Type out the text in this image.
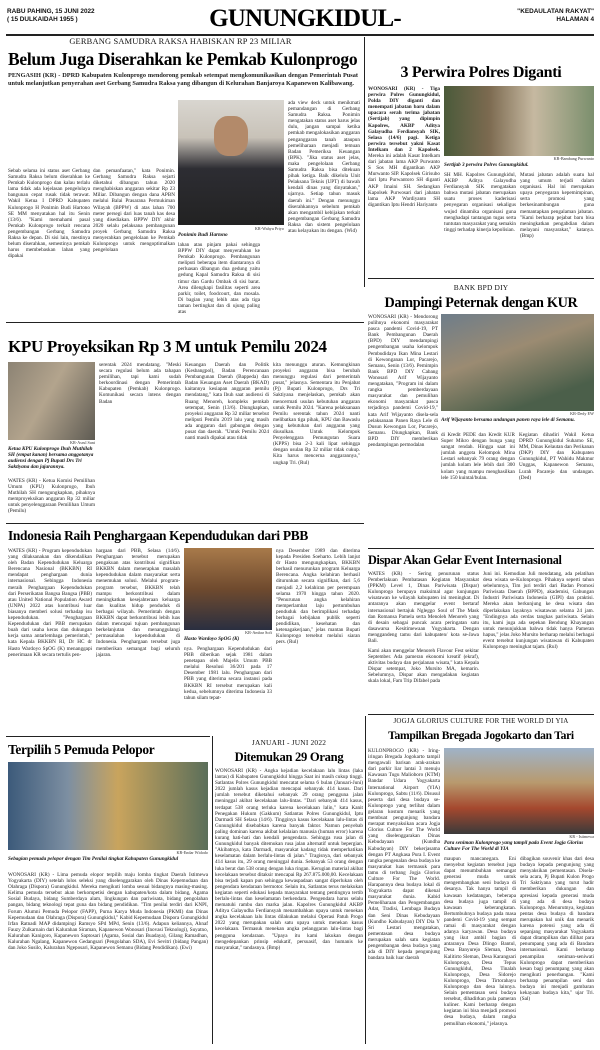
RABU PAHING, 15 JUNI 2022
( 15 DULKAIDAH 1955 )	GUNUNGKIDUL-	"KEDAULATAN RAKYAT"
HALAMAN 4
GERBANG SAMUDRA RAKSA HABISKAN RP 23 MILIAR
Belum Juga Diserahkan ke Pemkab Kulonprogo
PENGASIH (KR) - DPRD Kabupaten Kulonprogo mendorong pemkab setempat mengkomunikasikan dengan Pemerintah Pusat untuk melanjutkan penyerahan aset Gerbang Samudra Raksa yang dibangun di Kelurahan Banjaroya Kapanewon Kalibawang.
Sebab selama ini status aset Gerbang Samudra Raksa belum diserahkan ke Pemkab Kulonprogo dan kalau terlalu lama tidak ada kejelasan pengelolaya bangunan cepat rusak tidak terawat. Wakil Ketua I DPRD Kabupaten Kulonprogo H Ponimin Budi Hartono SE MM menyatakan hal itu Senin (13/6). "Kami memahami pasal Pemkab Kulonprogo terkait rencana pengembangan Gerbang Samudra Raksa ke depan. Di sisi lain, mestinya belum diserahkan, semestinya pemkab harus membebaskan lahan yang dipakai
dan pemanfaatan," kata Ponimin. Gerbang Samudra Raksa sejarti diketahui dibangun tahun 2020 menghabiskan anggaran sekitar Rp 23 Miliar. Dibangun dengan dana APBN melalui Balai Prasarana Permukiman Wilayah (BPPW) di atas lahan 700 meter persegi dari luas tanah kas desa yang disediakan. BPPW DIY akhir 2020 selalu pelaksana pembangunan proyek Gerbang Samudra Raksa menyerahkan pengelolaan ke Pemkab Kulonprogo untuk mengoptimalkan pengelolaan
KR-Wahyu Priyo
Ponimin Budi Hartono
lahan atau pinjam pakai sehingga BPPW DIY dapat menyerahkan ke Pemkab Kulonprogo. Pembangunan meliputi beberapa item diantaranya di perluasan dibangun dua gedung yaitu gedung Kapal Samudra Raksa di sisi timur dan Gardu Ombak di sisi barat. Area dilengkapi fasilitas seperti area parkir, toilet, foodcourt, dan mosala. Di bagian yang lebih atas ada tiga taman bertingkat dan di ujung paling atas
ada view deck untuk menikmati pemandangan di Gerbang Samudra Raksa. Ponimin mengatakan status aset harus jelas dulu, jangan sampai ketika pemkab mengalokasikan anggaran penganggaran tanah ataupun pemeliharaan menjadi temuan Badan Pemeriksa Keuangan (BPK). "Jika status aset jelas, maka pengelolaan Gerbang Samudra Raksa bisa ditekuan pihak ketiga. Baik dikelola Unit Pelaksana Teknis (UPT) di bawah kendali dinas yang dinyatakan," ujarnya. Setiap tahun masuk daerah ini." Dengan menunggu diserahkannya sebelum pemkab akan mengambil kebijakan terkait pengembangan Gerbang Samudra Raksa dan sistem pengelolaan atau kelayakan itu dengan. (Wid)
3 Perwira Polres Diganti
WONOSARI (KR) - Tiga perwira Polres Gunungkidul, Polda DIY diganti dan menempati jabatan baru dalam upacara serah terima jabatan (Sertijab) yang dipimpin Kapolres, AKBP Aditya Galayudha Ferdiansyah SIK, Selasa (14/6) pagi. Ketiga perwira tersebut yakni Kasat Intelkam dan 2 Kapolsek. Mereka ini adalah Kasat Intelkam dari jabatan lama AKP Purwanto S Sos MH digantikan AKP Murwanto SIP. Kapolsek Girisubo dari Iptu Purwantoro SH diganti AKP Imaini SH. Sedangkan Kapolsek Purwosari dari jabatan lama AKP Wardiyanto SH digantikan Iptu Hendri Hariyanto
KR-Bambang Purwanto
Sertijab 3 perwira Polres Gunungkidul.
SH MH. Kapolres Gunungkidul, AKBP Aditya Galayudha Ferdiansyah SIK mengatakan bahwa mutasi jabatan merupakan suatu proses kaderisasi penyegaran organisasi sekaligus wujud dinamika organisasi guna menghadapi tantangan tugas serta tuntutan masyarakat yang semakin tinggi terhadap kinerja kepolisian.
Mutasi jabatan adalah suatu hal yang umum terjadi dalam organisasi. Hal ini merupakan upaya penyegaran kepemimpinan, serta promosi yang berkesinambungan guna memantapkan pengalaman jabatan. "Kami berharap pejabat baru bisa meningkatkan pengabdian dalam melayani masyarakat," katanya. (Bmp)
BANK BPD DIY
Dampingi Peternak dengan KUR
WONOSARI (KR) - Mendorong pulihnya ekonomi masyarakat pasca pandemi Covid-19, PT Bank Pembangunan Daerah (BPD) DIY mendampingi pengembangan usaha kelompok Pembudidaya Ikan Mina Lestari di Kewonganan Lor, Pacarejo, Semanu, Senin (13/6). Pemimpin Bank BPD DIY Cabang Wonosari Arif Wijayanto mengatakan, "Program ini dalam rangka pemberdayaan masyarakat dan pemulihan ekonomi masyarakat pasca terjadinya pandemi Covid-19," kata Arif Wijayanto disela-sela pelaksanaan Panen Raya Lele di Dusun Kewongan Lor, Pacarejo, Semanu. Diungkapkan, Bank BPD DIY memberikan pendampingan permodalan
KR-Dedy EW
Arif Wijayanto bersama undangan panen raya lele di Semanu.
di Kredit PEDE dan Kredit KUR Super Mikro dengan bunga yang sangat rendah. Hingga saat ini jumlah anggota Kelompok Mina Lestari sebanyak 79 orang dengan jumlah kolam lele lebih dari 300 kolam yang mampu menghasilkan lele 150 kuintal/bulan.
Kegiatan dihadiri Wakil Ketua DPRD Gunungkidul Suharno SE, MM, Dinas Kelautan dan Perikanan (DKP) DIY dan Kabupaten Gunungkidul, PT Wahidu Makmur Unggas, Kapanewon Semanu, Lurah Pacarejo dan undangan. (Ded)
KPU Proyeksikan Rp 3 M untuk Pemilu 2024
KR-Asrul Sani
Ketua KPU Kulonprogo Ibuh Muthilah SH (empat kanan) bersama anggotanya audiensi dengan Pj Bupati Drs Tri Saktiyana dan jajarannya.
WATES (KR) - Ketua Komisi Pemilihan Umum (KPU) Kulonprogo, Ibuh Muthilah SH mengungkapkan, pihaknya memproyeksikan anggaran Rp 32 miliar untuk penyelenggaraan Pemilihan Umum (Pemilu)
serentak 2024 mendatang. "Meski secara regulasi belum ada tahapan pemilihan, tapi kami sudah berkoordinasi dengan Pemerintah Kabupaten (Pemkab) Kulonprogo. Komunikasi secara intens dengan Badan
Keuangan Daerah dan Politik (Kesbangpol), Badan Perencanaan Pembangunan Daerah (Bappeda) dan Badan Keuangan Aset Daerah (BKAD) kaitannya kesiapan anggaran pemilu mendatang," kata Ibuh saat audiensi di Ruang Menoreh, kompleks pemkab setempat, Senin (13/6). Diungkapkan, proyeksi anggaran Rp 32 miliar tersebut meliputi Pemilu 2019 lalu yang masih ada anggaran dari gabungan dengan pusat dan daerah. "Untuk Pemilu 2024 nanti masih dipakai atau tidak
kita menunggu aturan. Kemungkinan proyeksi anggaran bisa berubah menunggu regulasi dari pemerintah pusat," jelasnya. Sementara itu Penjabat (Pj) Bupati Kulonprogo, Drs Tri Saktiyana menjelaskan, pemkab akan mencermati usulan kebutuhan anggaran untuk Pemilu 2024. "Karena pelaksanaan Pemilu serentak tahun 2024 nanti melibatkan tiga pihak, KPU dan Bawaslu yang kebutuhan dari anggaran yang diusulkan. Untuk Kelompok Penyelenggara Pemungutan Suara (KPPS) bisa 2-3 kali lipat sehingga dengan usulan Rp 32 miliar tidak cukup. Kita harus mencerna anggarannya," ungkap Tri. (Rul)
Indonesia Raih Penghargaan Kependudukan dari PBB
WATES (KR) - Program kependudukan yang dilaksanakan dan dikendalikan oleh Badan Kependudukan Keluarga Berencana Nasional (BKKBN) RI mendapat penghargaan dunia internasional. Sebingga Indonesia meraih Penghargaan Kependudukan dari Perserikatan Bangsa Bangsa (PBB) atau United National Population Award (UNPA) 2022 atas kontribusi luar biasanya memberi solusi terhadap isu kependudukan. "Penghargaan Kependudukan dari PBB merupakan buah dari usaha keras dan dukungan kerja sama antarlembaga pemerintah," kata Kepala BKKBN RI, Dr HC dr Hasto Wardoyo SpOG (K) menanggapi penerimaan KR secara tertulis pen-
hargaan dari PBB, Selasa (14/6). Penghargaan tersebut merupakan pengakuan atas kontribusi signifikan BKKBN dalam menerapkan masalah kependudukan dalam masyarakat serta menemukan solusi. Melalui program-program tersebut, BKKBN telah mampu berkontribusi dalam meningkatkan kesejahteraan keluarga dan kualitas hidup penduduk di berbagai wilayah. Pemerintah dengan BKKBN dapat berkontribusi lebih luas dalam mencapai tujuan pembangunan berkelanjutan dan menanggulangi permasalahan kependudukan di Indonesia. Penghargaan tersebut juga memberikan semangat bagi seluruh jajaran.
KR-Ambar Sofi
Hasto Wardoyo SpOG (K)
nya. Penghargaan Kependudukan dari PBB diberikan sejak 1981 dalam penetapan oleh Majelis Umum PBB melalui Resolusi 36/201 pada 17 Desember 1981 lalu. Penghargaan dari PBB yang diterima secara instansi pada BKKBN RI tersebut merupakan kali kedua, sebelumnya diterima Indonesia 33 tahun silam tepat-
nya Desember 1989 dan diterima kepada Presiden Soeharto. Lebih lanjut dr Hasto mengungkapkan, BKKBN berhasil menurunkan program Keluarga Berencana. Angka kelahiran berhasil diturunkan secara signifikan, dari 5,6 menjadi 2,2 kelahiran per perempuan selama 1970 hingga tahun 2020. "Penurunan angka kelahiran memperlambat laju pertumbuhan penduduk dan berimplikasi terhadap berbagai kebijakan publik seperti pendidikan, kesehatan dan ketenagakerjaan," jelas mantan Bupati Kulonprogo tersebut melalui siaran pers. (Rul)
Dispar Akan Gelar Event Internasional
WATES (KR) - Sering penurunan status Pemberlakuan Pembatasan Kegiatan Masyarakat (PPKM) Level 1, Dinas Pariwisata (Dispar) Kulonprogo berupaya maksimal agar kunjungan wisatawan ke wilayah kabupaten ini meningkat. Di antaranya akan menggelar event bertaraf internasional bertajuk Ngleggo Soul of The Mask dan Romansa Pamela serta Menoleh Menoreh yang di desain sebagai puncak acara peringatan satu dasawarsa Kesitimewaan Yogyakarta. Dengan menggandeng tamu dari kabupaten/ kota se-Jawa Bali.
Kami akan menggelar Menoreh Flavour Fest sekitar September. Ada pameran ekonomi kreatif (ekraf), aktivitas budaya dan perjalanan wisata," kata Kepala Dispar setempat, Joko Mursito MA, kemarin. Sebelumnya, Dispar akan mengadakan kegiatan skala lokal, Fam Trip Difabel pada
Juni ini. Kemudian Juli mendatang, ada pelatihan desa wisata se-Kulonprogo. Pihaknya seperti tahun sebelumnya, Tim juri terdiri dari Badan Promosi Pariwisata Daerah (BPPD), akademisi, Gabungan Industri Pariwisata Indonesia (GIPI) dan praktisi. Mereka akan berkunjung ke desa wisata dan diperlakukan layaknya wisatawan selama 24 jam. "Endingnya ada cerdas tangkas pariwisata. Selain itu, kami juga ada sepekan Bendung Khayangan untuk menunjukkan bahwa tidak hanya Pameran hapus," jelas Joko Mursito berharap melalui berbagai event tersebut kunjungan wisatawan di Kabupaten Kulonprogo meningkat tajam. (Rul)
Terpilih 5 Pemuda Pelopor
KR-Endar Widodo
Sebagian pemuda pelopor dengan Tim Penilai tingkat Kabupaten Gunungkidul
WONOSARI (KR) - Lima pemuda elopor terpilih maju lomba tingkat Daerah Istimewa Yogyakarta (DIY) setelah lolos seleksi yang diselenggarakan oleh Dinas Kepemudaan dan Olahraga (Dispora) Gunungkidul. Mereka mengikuti lomba sesuai bidangnya masing-masing. Kelima pemuda tersebut akan berkompetisi dengan kabupaten/kota dalam bidang, Agama Sosial Budaya, bidang Sumberdaya alam, lingkungan dan pariwisata, bidang pengolahan pangan, bidang teknologi tepat guna dan bidang pendidikan. "Tim penilai terdiri dari KNPI, Forum Alumni Pemuda Pelopor (FAPP), Purna Karya Muda Indonesia (PKMI) dan Dinas Kepemudaan dan Olahraga (Dispora) Gunungkidul," Kabid Kepemudaan Dispora Gunungkidul Irfan Ratnadi MAP didampingi Ramsyo SPd MPd, Senin (13/6). Adapun keliannya, Ahnaf Fauzy Zulkarnain dari Kalurahan Siraman, Kapanewon Wonosari (Inovasi Teknologi), Suyatno, Kalurahan Kanigoro, Kapanewon Saptosari (Agama, Sosial dan Buadaya), Gilang Ramadhan, Kalurahan Ngalang, Kapanewon Gedangsari (Pengolahan SDA), Evi Sevitri (bidang Pangan) dan Joko Susilo, Kalurahan Ngeposari, Kapanewon Semanu (Bidang Pendidikan). (Ewi)
JANUARI - JUNI 2022
Ditemukan 29 Orang
WONOSARI (KR) - Angka kejadian kecelakaan lalu lintas (laka lantas) di Kabupaten Gunungkidul hingga Saat ini masih cukup tinggi. Satlantas Polres Gunungkidul mencatat selama 6 bulan (Januari-Juni) 2022 jumlah kasus kejadian mencapai sebanyak 414 kasus. Dari jumlah tersebut diketahui sebanyak 29 orang pengguna jalan meninggal akibat kecelakaan lalu-lintas. "Dari sebanyak 414 kasus, terdapat 538 orang terluka karena kecelakaan lalin," kata Kanit Penegakan Hukum (Gakkum) Satlantas Polres Gunungkidul, Iptu Darmadi SH Selasa (14/6). Tingginya kasus kecelakaan lalu-lintas di Gunungkidul disebabkan karena banyak faktor. Namun penyebab paling dominan karena akibat kelalaian manusia (human error) karena kurang hati-hati dan kendali pengendara. Sehingga rusa jalan di Gunungkidul banyak ditemukan rusa jalan alternatif untuk bepergian. "Akibatnya, kata Darmadi, masyarakat kadang tidak memperhatikan keselamatan dalam berlalu-lintas di jalan." Tragisnya, dari sebanyak 414 kasus itu, 29 orang meninggal dunia. Sebanyak 53 orang dengan luka berat dan 538 orang dengan luka ringan. Kerugian material akibat kecelakaan tersebut ditaksir mencapai Rp 267.875.000,00. Kecelakaan bisa terjadi kapan pun sehingga kewaspadaan sangat diperlukan oleh pengendara kendaraan bermotor. Selain itu, Satlantas terus melakukan kegiatan seperti edukasi kepada masyarakat tentang pentingnya tertib berlalu-lintas dan keselamatan berkendara. Pengendara harus selalu mematuhi rambu dan marka jalan. Kapolres Gunungkidul AKBP Aditya Galayudha Ferdiansyah menambahkan upaya untuk menekan angka kecelakaan lalu lintas dilakukan melalui Operasi Patuh Progo 2022 yang merupakan salah satu upaya untuk menekan kasus kecelakaan. Termasuk menekan angka pelanggaran lalu-lintas bagi pengguna kendaraan. "Upaya itu kami lakukan dengan mengedepankan prinsip edukatif, persuasif, dan humanis ke masyarakat," tandasnya. (Bmp)
JOGJA GLORIUS CULTURE FOR THE WORLD DI YIA
Tampilkan Bregada Jogokarto dan Tari
KULONPROGO (KR) - Iring-iringan Bregada Jogokarto tampil mengawali barisan arak-arakan dari parkir liar lantai 3 menuju Kawasan Tugu Malioboro (KTM) Bandar Udara Yogyakarta International Airport (YIA) Kulonprogo, Sabtu (11/6). Disusul peserta dari desa budaya se-Kulonprogo yang terlibat dalam gelaran kostum menarik yang membuat pengunjung bandara merapat menyaksikan acara Jogja Glorius Culture For The World yang diselenggarakan Dinas Kebudayaan (Kundha Kabudayan) DIY bekerjasama dengan PT Angkasa Pura I. Event rangka pengenalan desa budaya ke masyarakat luas termasuk para tamu di terbang Jogja Glorius Culture For The World. Harapannya desa budaya lokal di Yogyakarta dapat dikenal masyarakat dunia. Kabid Pemeliharaan dan Pengembangan Adat, Tradisi, Lembaga Budaya dan Seni Dinas Kebudayaan (Kundho Kabudayan) DIY Dia Y Sri Lestari mengatakan, pementasan desa budaya merupakan salah satu kegiatan pengembangan desa budaya yang ada di DIY kepada pengunjung bandara baik luar daerah
KR - Istimewa
Para seniman Kulonprogo yang tampil pada Event Jogja Glorius Culture For The World di YIA
maupun mancanegara. Eni menyebut kegiatan tersebut juga dapat menumbuhkan semangat generasi muda untuk mengembangkan seni budaya di desanya. Tak hanya tampil di kawasan kedatangan, beberapa desa budaya juga tampil di kawasan keberangkatan. Bertumbuhnya budaya pada masa pandemi Covid-19 yang sempat ramai di masyarakat dengan adanya karyawan. Desa budaya yang ikut ambil bagian di antaranya Desa Dlingo Bantul, Desa Banyurejo Sleman, Desa Kalitirto Sleman, Desa Karangsari Kulonprogo, Desa Tepus Gunungkidul, Desa Tinalah Kulonprogo, Desa Sidorejo Kulonprogo, Desa Tirtorahayu Kulonprogo dan desa lainnya. Selain pementasan seni budaya tersebut, dihadirkan pula pameran kuliner. Kami berharap dengan kegiatan ini bisa menjadi promosi desa budaya, dalam rangka pemulihan ekonomi," jelasnya.
dibagikan souvenir khas dari desa budaya kepada pengunjung yang menyaksikan pementasan. Disela-sela acara, Pj Bupati Kulon Progo Tri Saktiyana yang turut hadir memberikan dukungan dan apresiasi kepada generasi muda yang ada di desa budaya Kulonprogo. Menurutnya, kegiatan pentas desa budaya di bandara merupakan hal unik dan menarik karena potensi yang ada di sepanjang masyarakat Yogyakarta dapat ditampilkan dan dilihat para penumpang yang ada di Bandara internasional. Kami berharap penampilan seniman-seniwati Kulonprogo dapat memberikan kesan bagi penumpang yang akan mengikuti penerbangan. "Kami berharap penampilan seni dan budaya ini menjadi gambaran kekayaan budaya kita," ujar Tri. (Sal)
